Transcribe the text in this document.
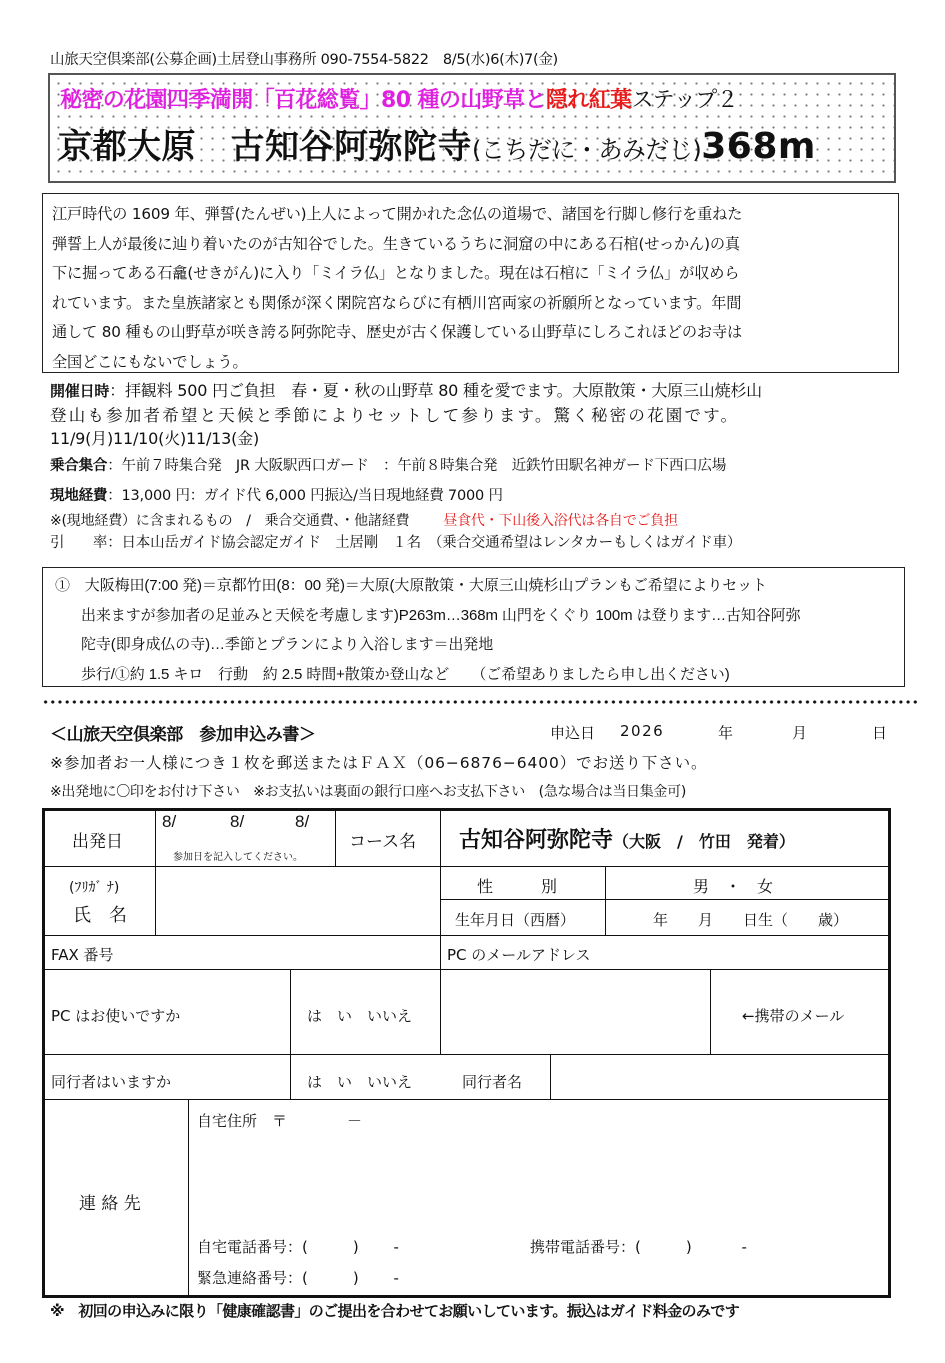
山旅天空倶楽部(公募企画)土居登山事務所 090-7554-5822　8/5(水)6(木)7(金)
秘密の花園四季満開「百花総覧」80 種の山野草と隠れ紅葉ステップ２
京都大原　古知谷阿弥陀寺(こちだに・あみだじ)368m

江戸時代の 1609 年、弾誓(たんぜい)上人によって開かれた念仏の道場で、諸国を行脚し修行を重ねた

弾誓上人が最後に辿り着いたのが古知谷でした。生きているうちに洞窟の中にある石棺(せっかん)の真

下に掘ってある石龕(せきがん)に入り「ミイラ仏」となりました。現在は石棺に「ミイラ仏」が収めら

れています。また皇族諸家とも関係が深く閑院宮ならびに有栖川宮両家の祈願所となっています。年間

通して 80 種もの山野草が咲き誇る阿弥陀寺、歴史が古く保護している山野草にしろこれほどのお寺は

全国どこにもないでしょう。

開催日時：拝観料 500 円ご負担　春・夏・秋の山野草 80 種を愛でます。大原散策・大原三山焼杉山
登山も参加者希望と天候と季節によりセットして参ります。驚く秘密の花園です。
11/9(月)11/10(火)11/13(金)
乗合集合：午前７時集合発　JR 大阪駅西口ガード　：午前８時集合発　近鉄竹田駅名神ガード下西口広場
現地経費：13,000 円：ガイド代 6,000 円振込/当日現地経費 7000 円
※(現地経費）に含まれるもの　/　乗合交通費、・他諸経費 昼食代・下山後入浴代は各自でご負担
引　　率：日本山岳ガイド協会認定ガイド　土居剛　１名　（乗合交通希望はレンタカーもしくはガイド車）

①　大阪梅田(7:00 発)＝京都竹田(8：00 発)＝大原(大原散策・大原三山焼杉山プランもご希望によりセット

出来ますが参加者の足並みと天候を考慮します)P263m…368m 山門をくぐり 100m は登ります…古知谷阿弥

陀寺(即身成仏の寺)…季節とプランにより入浴します＝出発地

歩行/①約 1.5 キロ　行動　約 2.5 時間+散策か登山など　　（ご希望ありましたら申し出ください)

＜山旅天空倶楽部　参加申込み書＞	申込日 2026	年	月	日
※参加者お一人様につき１枚を郵送またはＦＡＸ（06−6876−6400）でお送り下さい。
※出発地に〇印をお付け下さい　※お支払いは裏面の銀行口座へお支払下さい　(急な場合は当日集金可)
出発日
8/	8/	8/
参加日を記入してください。
コース名 古知谷阿弥陀寺（大阪　/　竹田　発着）
(ﾌﾘｶﾞ ﾅ)
氏　名
性　　　別	男　・　女
生年月日（西暦）	年　　月　　日生（　　歳）
FAX 番号	PC のメールアドレス
PC はお使いですか	は　い　いいえ	←携帯のメール
同行者はいますか	は　い　いいえ	同行者名
連 絡 先
自宅住所　〒　　　　－
自宅電話番号：(　　　)　　 -	携帯電話番号：(　　　)　　　 -
緊急連絡番号：(　　　)　　 -
※　初回の申込みに限り「健康確認書」のご提出を合わせてお願いしています。振込はガイド料金のみです
